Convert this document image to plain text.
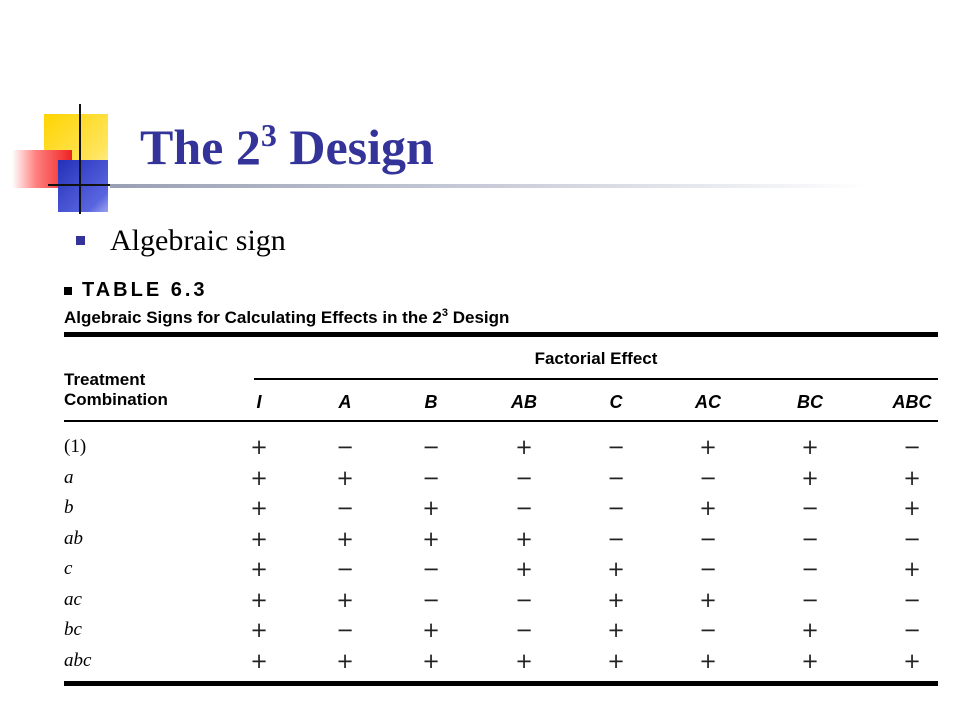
The $2^3$ Design
Algebraic sign
TABLE 6.3
Algebraic Signs for Calculating Effects in the $2^3$ Design
Factorial Effect
Treatment
Combination	I	A	B	AB	C	AC	BC	ABC
(1)	+	−	−	+	−	+	+	−
a	+	+	−	−	−	−	+	+
b	+	−	+	−	−	+	−	+
ab	+	+	+	+	−	−	−	−
c	+	−	−	+	+	−	−	+
ac	+	+	−	−	+	+	−	−
bc	+	−	+	−	+	−	+	−
abc	+	+	+	+	+	+	+	+
